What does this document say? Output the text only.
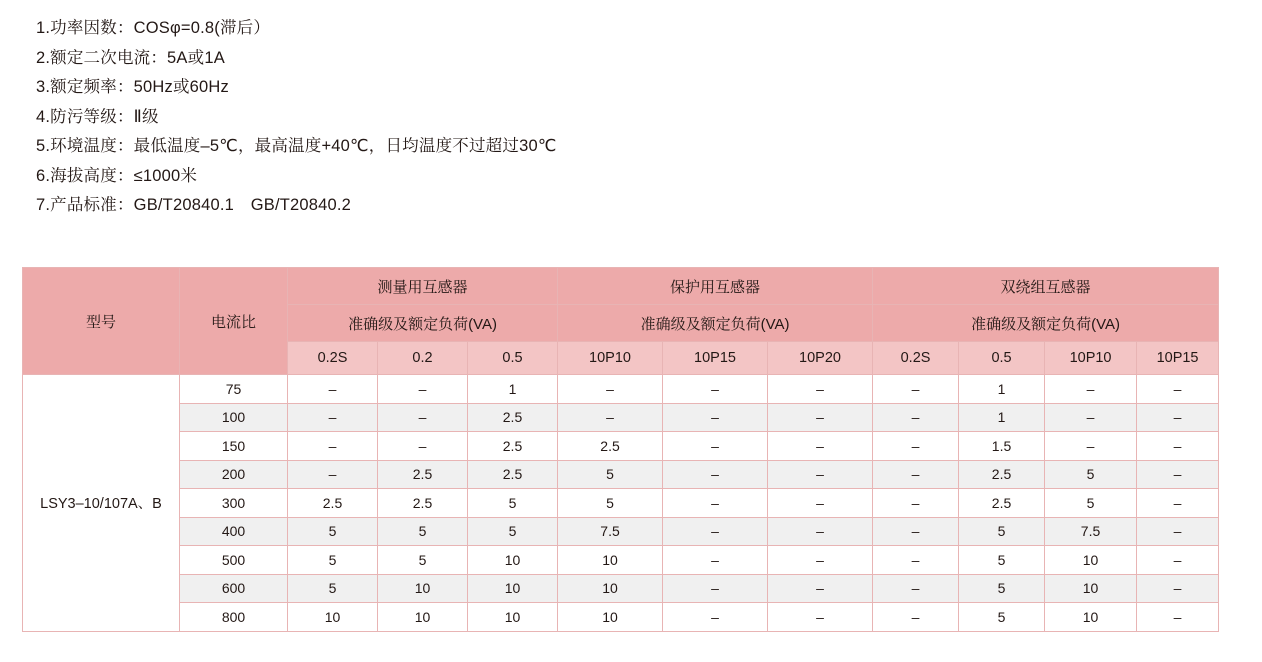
1.功率因数：COSφ=0.8(滞后）
2.额定二次电流：5A或1A
3.额定频率：50Hz或60Hz
4.防污等级：Ⅱ级
5.环境温度：最低温度–5℃，最高温度+40℃，日均温度不过超过30℃
6.海拔高度：≤1000米
7.产品标准：GB/T20840.1　GB/T20840.2
型号	电流比	测量用互感器			保护用互感器			双绕组互感器			
		准确级及额定负荷(VA)			准确级及额定负荷(VA)			准确级及额定负荷(VA)			
		0.2S	0.2	0.5	10P10	10P15	10P20	0.2S	0.5	10P10	10P15
LSY3–10/107A、B	75	–	–	1	–	–	–	–	1	–	–
	100	–	–	2.5	–	–	–	–	1	–	–
	150	–	–	2.5	2.5	–	–	–	1.5	–	–
	200	–	2.5	2.5	5	–	–	–	2.5	5	–
	300	2.5	2.5	5	5	–	–	–	2.5	5	–
	400	5	5	5	7.5	–	–	–	5	7.5	–
	500	5	5	10	10	–	–	–	5	10	–
	600	5	10	10	10	–	–	–	5	10	–
	800	10	10	10	10	–	–	–	5	10	–
